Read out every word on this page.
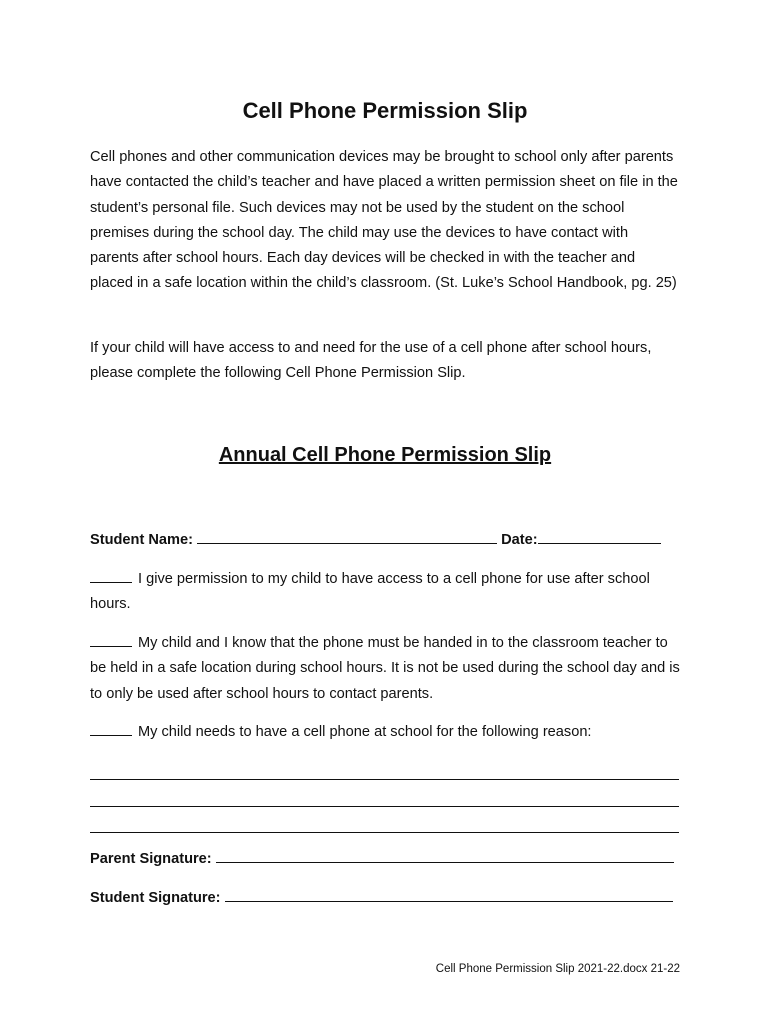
Cell Phone Permission Slip

Cell phones and other communication devices may be brought to school only after parents have contacted the child’s teacher and have placed a written permission sheet on file in the student’s personal file. Such devices may not be used by the student on the school premises during the school day. The child may use the devices to have contact with parents after school hours. Each day devices will be checked in with the teacher and placed in a safe location within the child’s classroom. (St. Luke’s School Handbook, pg. 25)

If your child will have access to and need for the use of a cell phone after school hours, please complete the following Cell Phone Permission Slip.

Annual Cell Phone Permission Slip
Student Name:	Date:

I give permission to my child to have access to a cell phone for use after school hours.

My child and I know that the phone must be handed in to the classroom teacher to be held in a safe location during school hours. It is not be used during the school day and is to only be used after school hours to contact parents.

My child needs to have a cell phone at school for the following reason:

Parent Signature:
Student Signature:
Cell Phone Permission Slip 2021-22.docx 21-22
